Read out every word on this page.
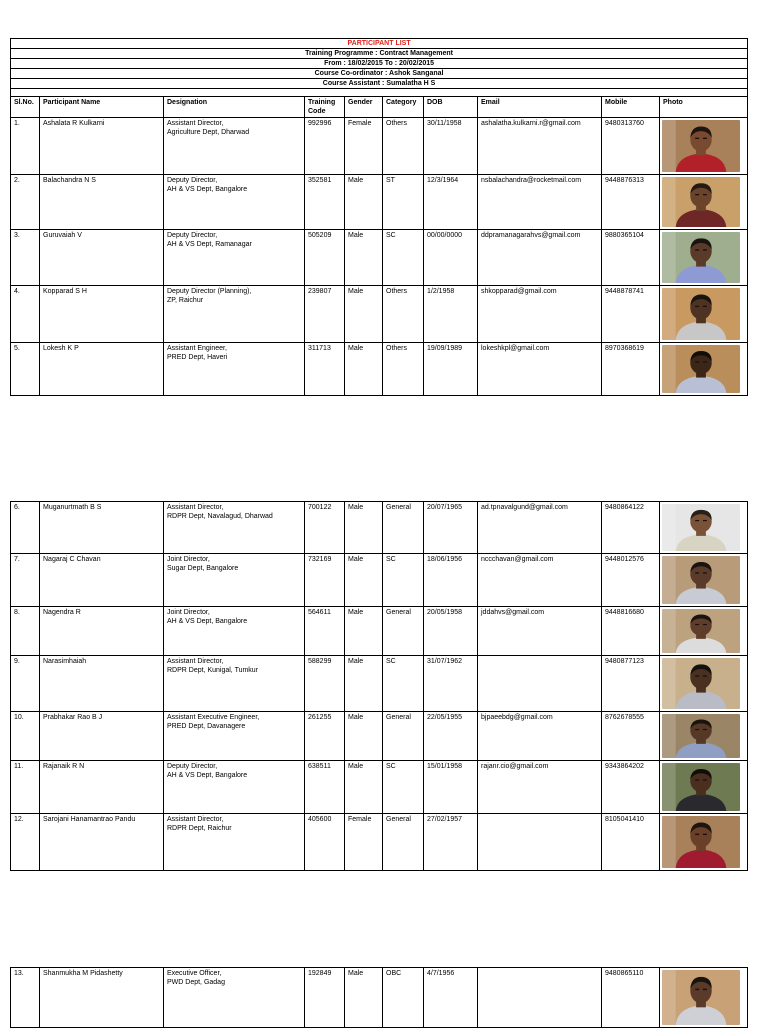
PARTICIPANT LIST									
Training Programme : Contract Management									
From : 18/02/2015 To : 20/02/2015									
Course Co-ordinator : Ashok Sanganal									
Course Assistant : Sumalatha H S									

Sl.No.	Participant Name	Designation	Training Code	Gender	Category	DOB	Email	Mobile	Photo
1.	Ashalata R Kulkarni	Assistant Director,
Agriculture Dept, Dharwad	992996	Female	Others	30/11/1958	ashalatha.kulkarni.r@gmail.com	9480313760	

2.	Balachandra N S	Deputy Director,
AH & VS Dept, Bangalore	352581	Male	ST	12/3/1964	nsbalachandra@rocketmail.com	9448876313	

3.	Guruvaiah V	Deputy Director,
AH & VS Dept, Ramanagar	505209	Male	SC	00/00/0000	ddpramanagarahvs@gmail.com	9880365104	

4.	Kopparad S H	Deputy Director (Planning),
ZP, Raichur	239807	Male	Others	1/2/1958	shkopparad@gmail.com	9448878741	

5.	Lokesh K P	Assistant Engineer,
PRED Dept, Haveri	311713	Male	Others	19/09/1989	lokeshkpl@gmail.com	8970368619	
6.	Muganurtmath B S	Assistant Director,
RDPR Dept, Navalagud, Dharwad	700122	Male	General	20/07/1965	ad.tpnavalgund@gmail.com	9480864122	

7.	Nagaraj C Chavan	Joint Director,
Sugar Dept, Bangalore	732169	Male	SC	18/06/1956	nccchavan@gmail.com	9448012576	

8.	Nagendra R	Joint Director,
AH & VS Dept, Bangalore	564611	Male	General	20/05/1958	jddahvs@gmail.com	9448816680	

9.	Narasimhaiah	Assistant Director,
RDPR Dept, Kunigal, Tumkur	588299	Male	SC	31/07/1962		9480877123	

10.	Prabhakar Rao B J	Assistant Executive Engineer,
PRED Dept, Davanagere	261255	Male	General	22/05/1955	bjpaeebdg@gmail.com	8762678555	

11.	Rajanaik R N	Deputy Director,
AH & VS Dept, Bangalore	638511	Male	SC	15/01/1958	rajanr.cio@gmail.com	9343864202	

12.	Sarojani Hanamantrao Pandu	Assistant Director,
RDPR Dept, Raichur	405600	Female	General	27/02/1957		8105041410	
13.	Shanmukha M Pidashetty	Executive Officer,
PWD Dept, Gadag	192849	Male	OBC	4/7/1956		9480865110	
